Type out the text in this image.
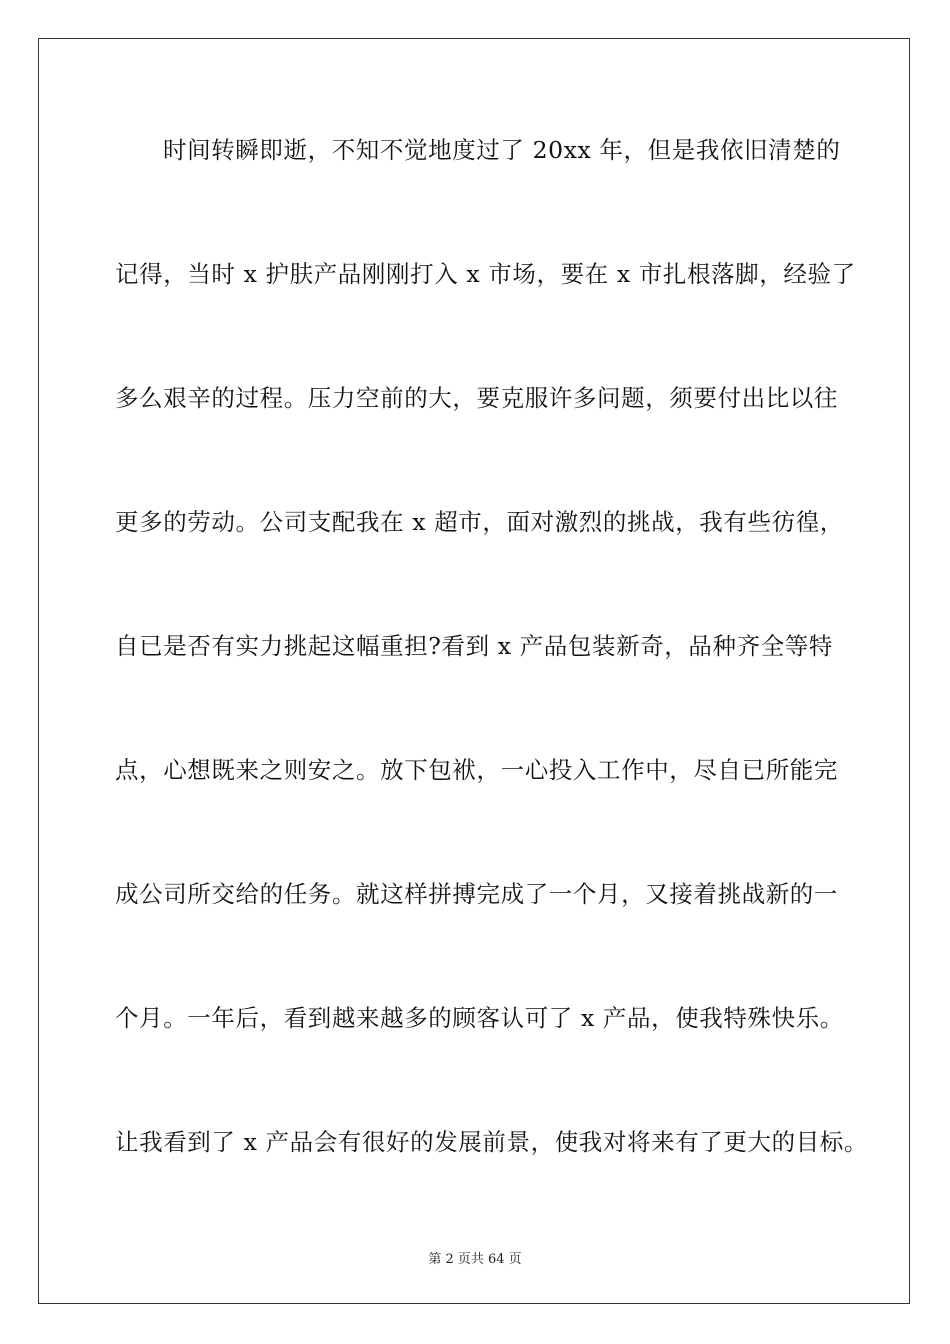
时间转瞬即逝，不知不觉地度过了 20xx 年，但是我依旧清楚的
记得，当时 x 护肤产品刚刚打入 x 市场，要在 x 市扎根落脚，经验了
多么艰辛的过程。压力空前的大，要克服许多问题，须要付出比以往
更多的劳动。公司支配我在 x 超市，面对激烈的挑战，我有些彷徨，
自已是否有实力挑起这幅重担?看到 x 产品包装新奇，品种齐全等特
点，心想既来之则安之。放下包袱，一心投入工作中，尽自已所能完
成公司所交给的任务。就这样拼搏完成了一个月，又接着挑战新的一
个月。一年后，看到越来越多的顾客认可了 x 产品，使我特殊快乐。
让我看到了 x 产品会有很好的发展前景，使我对将来有了更大的目标。
第 2 页共 64 页
